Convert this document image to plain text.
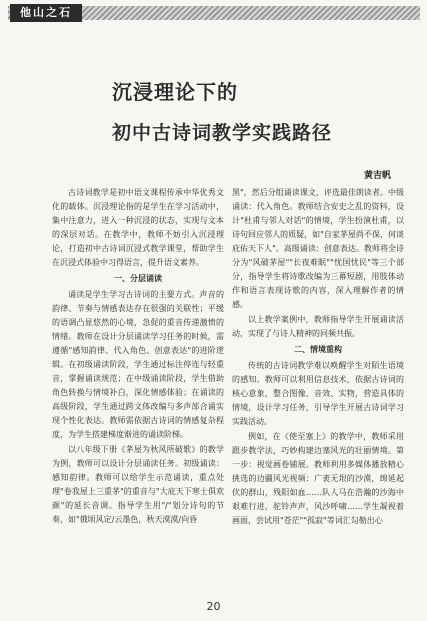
他山之石
沉浸理论下的
初中古诗词教学实践路径
黄吉帆

古诗词教学是初中语文课程传承中华优秀文化的载体。沉浸理论指的是学生在学习活动中，集中注意力，进入一种沉浸的状态，实现与文本的深层对话。在教学中，教师不妨引入沉浸理论，打造初中古诗词沉浸式教学课堂，帮助学生在沉浸式体验中习得语言，提升语文素养。

一、分层诵读

诵读是学生学习古诗词的主要方式。声音的韵律、节奏与情感表达存在很强的关联性；平缓的语调凸显悠然的心境，急促的重音传递激愤的情绪。教师在设计分层诵读学习任务的时候，需遵循"感知韵律、代入角色、创意表达"的进阶逻辑。在初级诵读阶段，学生通过标注停连与轻重音，掌握诵读规范；在中级诵读阶段，学生借助角色转换与情境补白，深化情感体验；在诵读的高级阶段，学生通过跨文体改编与多声部合诵实现个性化表达。教师需依据古诗词的情感复杂程度，为学生搭建梯度渐进的诵读阶梯。

以八年级下册《茅屋为秋风所破歌》的教学为例，教师可以设计分层诵读任务。初级诵读：感知韵律。教师可以给学生示范诵读，重点处理"卷我屋上三重茅"的重音与"大庇天下寒士俱欢颜"的延长音调。指导学生用"/"划分诗句的节奏，如"俄顷风定/云墨色，秋天漠漠/向昏

黑"，然后分组诵读课文，评选最佳朗读者。中级诵读：代入角色。教师结合安史之乱的资料，设计"杜甫与邻人对话"的情境，学生扮演杜甫，以诗句回应邻人的质疑，如"自家茅屋尚不保，何谈庇佑天下人"。高级诵读：创意表达。教师将全诗分为"风破茅屋""长夜难眠""忧国忧民"等三个部分，指导学生将诗歌改编为三幕短剧，用肢体动作和语言表现诗歌的内容，深入理解作者的情感。

以上教学案例中，教师指导学生开展诵读活动，实现了与诗人精神的同频共振。

二、情境重构

传统的古诗词教学难以唤醒学生对陌生语境的感知。教师可以利用信息技术，依据古诗词的核心意象，整合图像、音效、实物，营造具体的情境，设计学习任务，引导学生开展古诗词学习实践活动。

例如，在《使至塞上》的教学中，教师采用跟步教学法，巧妙构建边塞风光的壮丽情境。第一步：视觉画卷铺展。教师利用多媒体播放精心挑选的边疆风光视频：广袤无垠的沙漠，绵延起伏的群山，残阳如血……队人马在浩瀚的沙海中艰难行进，驼铃声声，风沙呼啸……学生凝视着画面，尝试用"苍茫""孤寂"等词汇勾勒出心

20
